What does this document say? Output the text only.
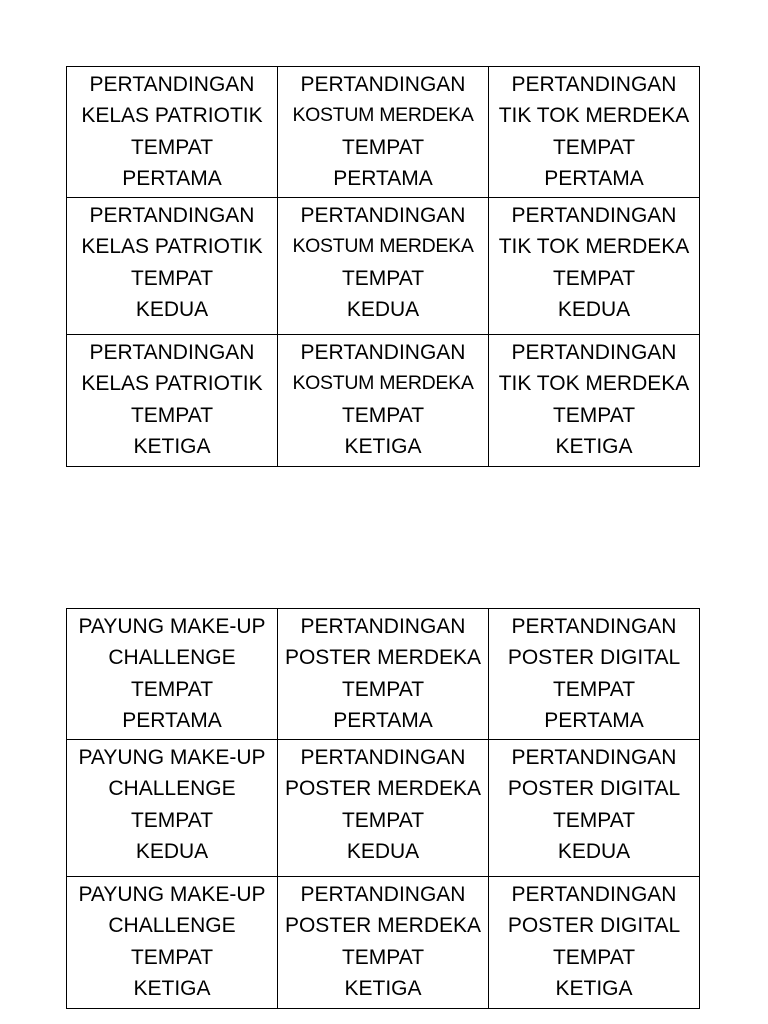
PERTANDINGAN
KELAS PATRIOTIK
TEMPAT
PERTAMA	PERTANDINGAN
KOSTUM MERDEKA
TEMPAT
PERTAMA	PERTANDINGAN
TIK TOK MERDEKA
TEMPAT
PERTAMA

PERTANDINGAN
KELAS PATRIOTIK
TEMPAT
KEDUA	PERTANDINGAN
KOSTUM MERDEKA
TEMPAT
KEDUA	PERTANDINGAN
TIK TOK MERDEKA
TEMPAT
KEDUA

PERTANDINGAN
KELAS PATRIOTIK
TEMPAT
KETIGA	PERTANDINGAN
KOSTUM MERDEKA
TEMPAT
KETIGA	PERTANDINGAN
TIK TOK MERDEKA
TEMPAT
KETIGA
PAYUNG MAKE-UP
CHALLENGE
TEMPAT
PERTAMA	PERTANDINGAN
POSTER MERDEKA
TEMPAT
PERTAMA	PERTANDINGAN
POSTER DIGITAL
TEMPAT
PERTAMA

PAYUNG MAKE-UP
CHALLENGE
TEMPAT
KEDUA	PERTANDINGAN
POSTER MERDEKA
TEMPAT
KEDUA	PERTANDINGAN
POSTER DIGITAL
TEMPAT
KEDUA

PAYUNG MAKE-UP
CHALLENGE
TEMPAT
KETIGA	PERTANDINGAN
POSTER MERDEKA
TEMPAT
KETIGA	PERTANDINGAN
POSTER DIGITAL
TEMPAT
KETIGA
